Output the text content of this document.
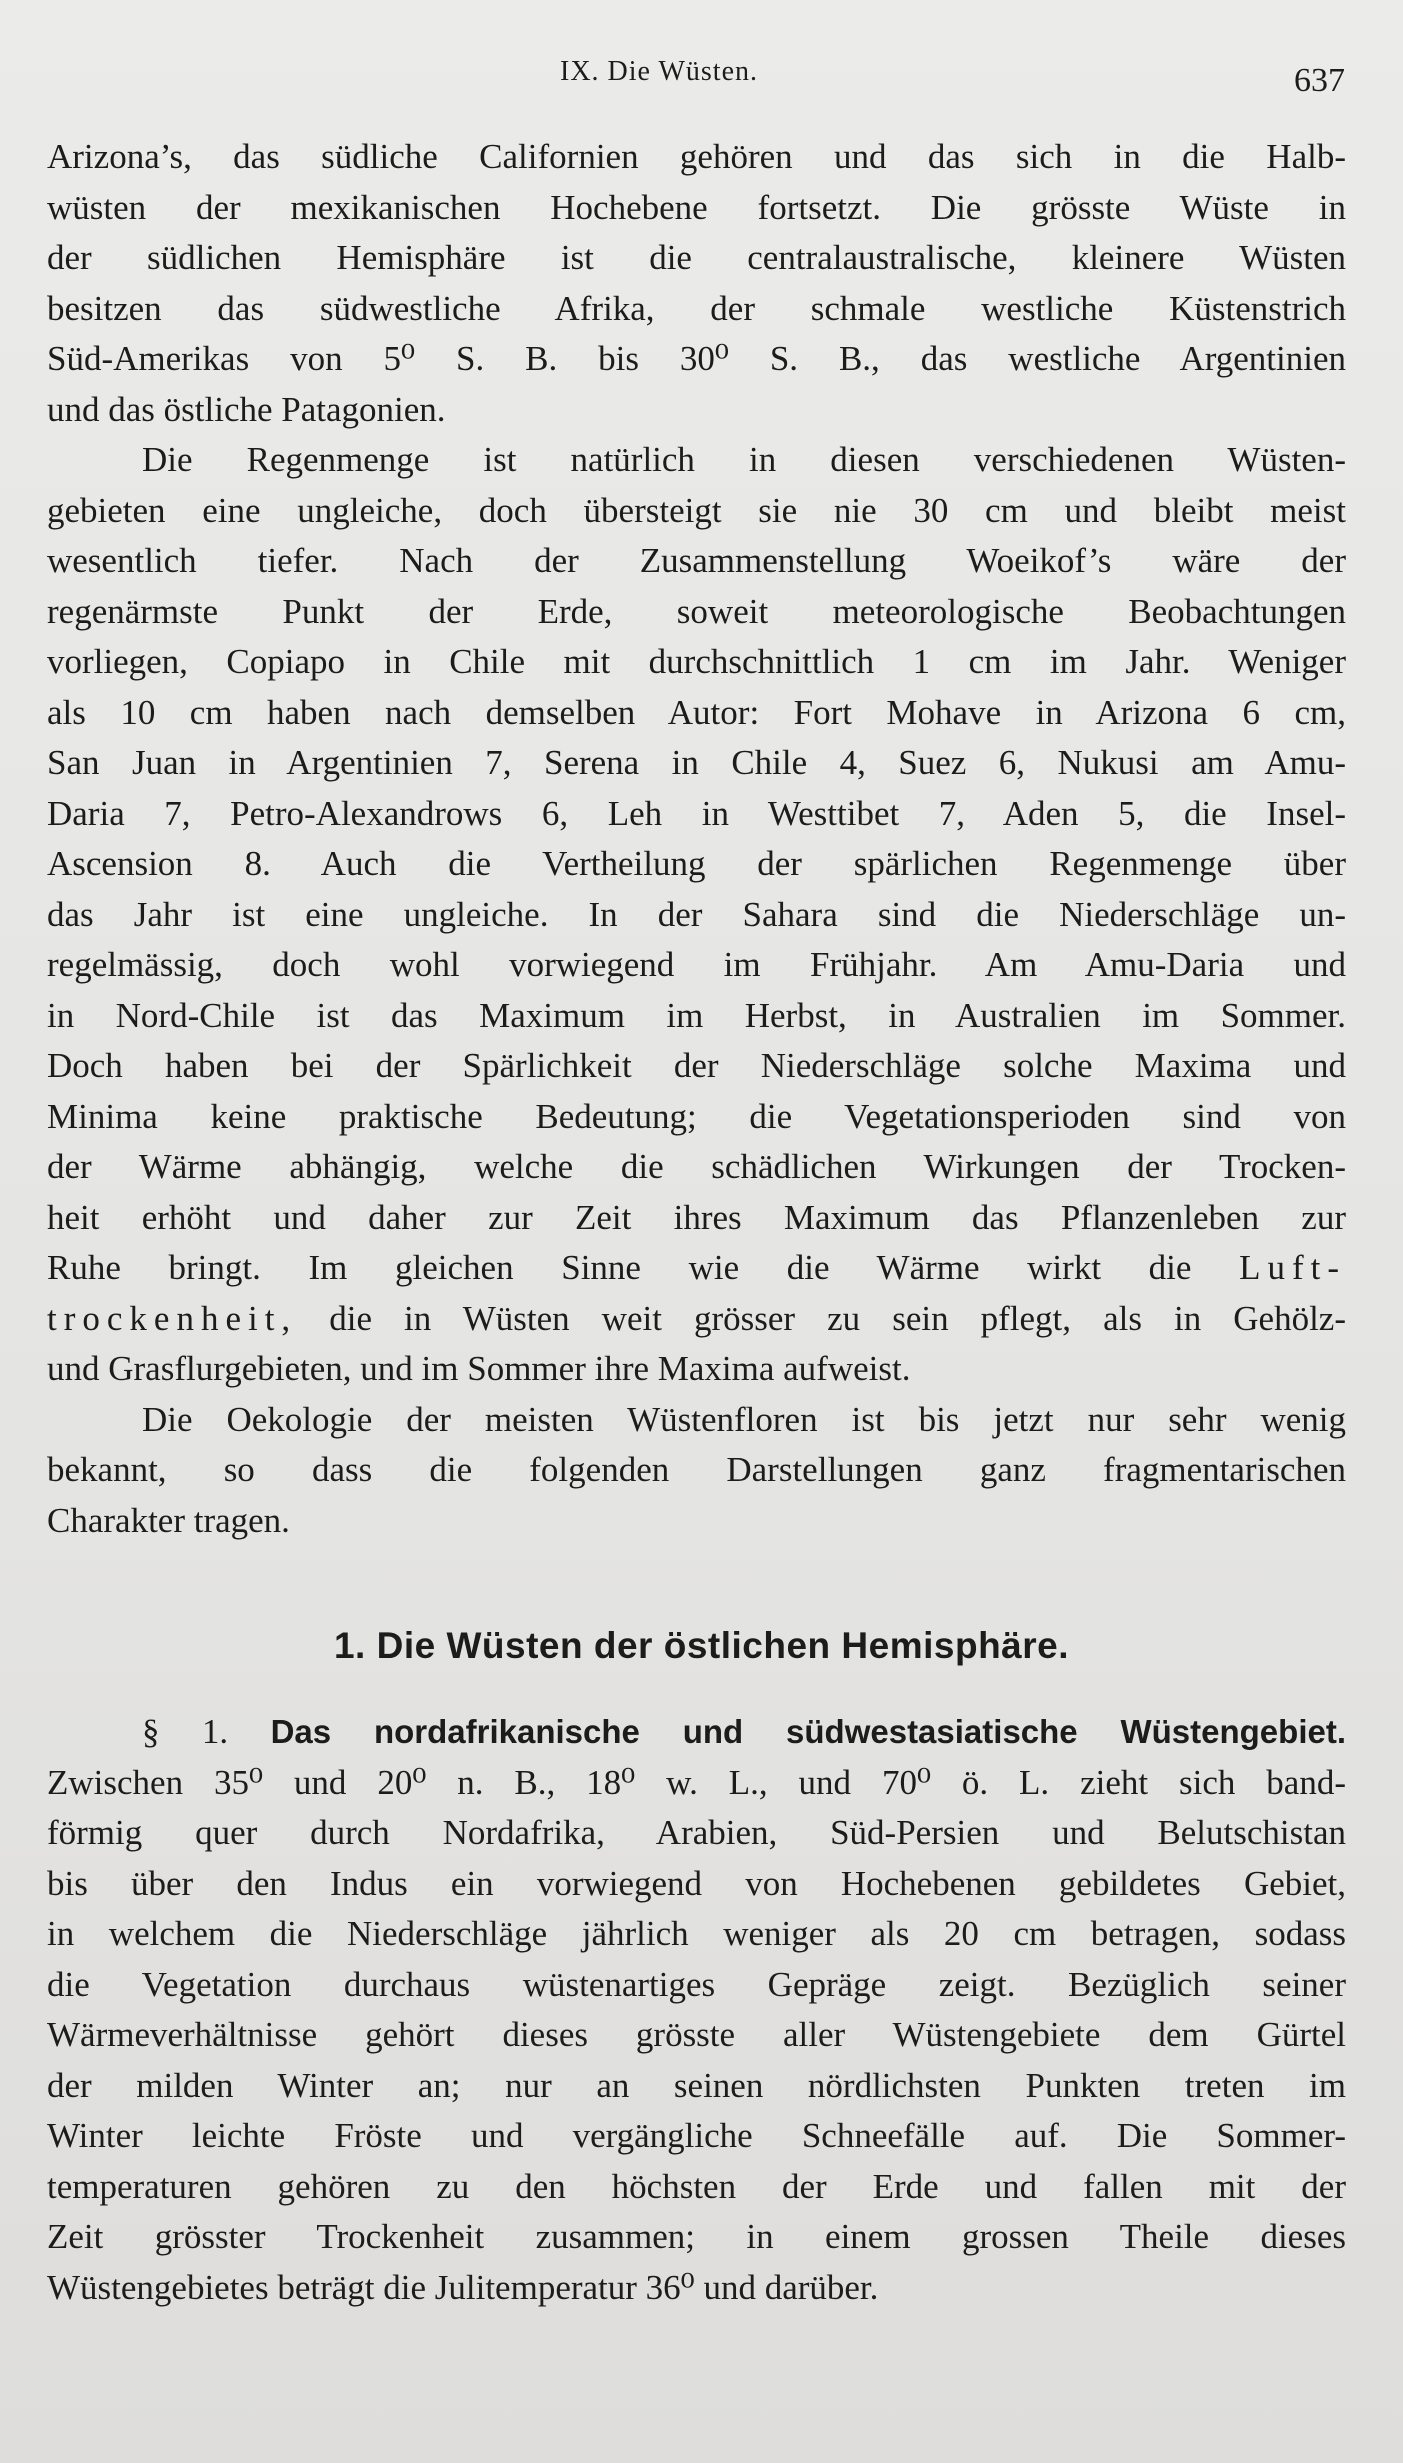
IX. Die Wüsten.	637
Arizona’s, das südliche Californien gehören und das sich in die Halb-
wüsten der mexikanischen Hochebene fortsetzt. Die grösste Wüste in
der südlichen Hemisphäre ist die centralaustralische, kleinere Wüsten
besitzen das südwestliche Afrika, der schmale westliche Küstenstrich
Süd-Amerikas von 5⁰ S. B. bis 30⁰ S. B., das westliche Argentinien
und das östliche Patagonien.
Die Regenmenge ist natürlich in diesen verschiedenen Wüsten-
gebieten eine ungleiche, doch übersteigt sie nie 30 cm und bleibt meist
wesentlich tiefer. Nach der Zusammenstellung Woeikof’s wäre der
regenärmste Punkt der Erde, soweit meteorologische Beobachtungen
vorliegen, Copiapo in Chile mit durchschnittlich 1 cm im Jahr. Weniger
als 10 cm haben nach demselben Autor: Fort Mohave in Arizona 6 cm,
San Juan in Argentinien 7, Serena in Chile 4, Suez 6, Nukusi am Amu-
Daria 7, Petro-Alexandrows 6, Leh in Westtibet 7, Aden 5, die Insel-
Ascension 8. Auch die Vertheilung der spärlichen Regenmenge über
das Jahr ist eine ungleiche. In der Sahara sind die Niederschläge un-
regelmässig, doch wohl vorwiegend im Frühjahr. Am Amu-Daria und
in Nord-Chile ist das Maximum im Herbst, in Australien im Sommer.
Doch haben bei der Spärlichkeit der Niederschläge solche Maxima und
Minima keine praktische Bedeutung; die Vegetationsperioden sind von
der Wärme abhängig, welche die schädlichen Wirkungen der Trocken-
heit erhöht und daher zur Zeit ihres Maximum das Pflanzenleben zur
Ruhe bringt. Im gleichen Sinne wie die Wärme wirkt die Luft-
trockenheit, die in Wüsten weit grösser zu sein pflegt, als in Gehölz-
und Grasflurgebieten, und im Sommer ihre Maxima aufweist.
Die Oekologie der meisten Wüstenfloren ist bis jetzt nur sehr wenig
bekannt, so dass die folgenden Darstellungen ganz fragmentarischen
Charakter tragen.
1. Die Wüsten der östlichen Hemisphäre.
§ 1. Das nordafrikanische und südwestasiatische Wüstengebiet.
Zwischen 35⁰ und 20⁰ n. B., 18⁰ w. L., und 70⁰ ö. L. zieht sich band-
förmig quer durch Nordafrika, Arabien, Süd-Persien und Belutschistan
bis über den Indus ein vorwiegend von Hochebenen gebildetes Gebiet,
in welchem die Niederschläge jährlich weniger als 20 cm betragen, sodass
die Vegetation durchaus wüstenartiges Gepräge zeigt. Bezüglich seiner
Wärmeverhältnisse gehört dieses grösste aller Wüstengebiete dem Gürtel
der milden Winter an; nur an seinen nördlichsten Punkten treten im
Winter leichte Fröste und vergängliche Schneefälle auf. Die Sommer-
temperaturen gehören zu den höchsten der Erde und fallen mit der
Zeit grösster Trockenheit zusammen; in einem grossen Theile dieses
Wüstengebietes beträgt die Julitemperatur 36⁰ und darüber.
